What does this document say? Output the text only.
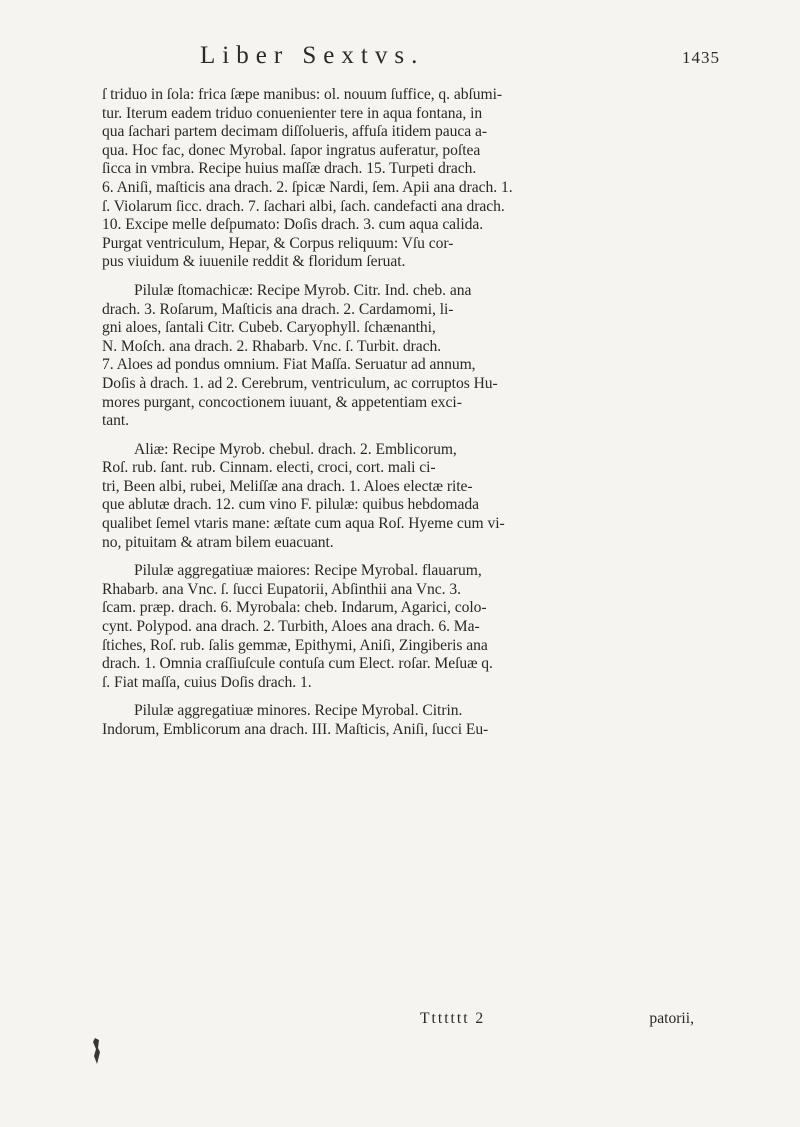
Liber Sextvs.	1435
ſ triduo in ſola: frica ſæpe manibus: ol. nouum ſuffice, q. abſumi-
tur. Iterum eadem triduo conuenienter tere in aqua fontana, in
qua ſachari partem decimam diſſolueris, affuſa itidem pauca a-
qua. Hoc fac, donec Myrobal. ſapor ingratus auferatur, poſtea
ſicca in vmbra. Recipe huius maſſæ drach. 15. Turpeti drach.
6. Aniſi, maſticis ana drach. 2. ſpicæ Nardi, ſem. Apii ana drach. 1.
ſ. Violarum ſicc. drach. 7. ſachari albi, ſach. candefacti ana drach.
10. Excipe melle deſpumato: Doſis drach. 3. cum aqua calida.
Purgat ventriculum, Hepar, & Corpus reliquum: Vſu cor-
pus viuidum & iuuenile reddit & floridum ſeruat.
Pilulæ ſtomachicæ: Recipe Myrob. Citr. Ind. cheb. ana
drach. 3. Roſarum, Maſticis ana drach. 2. Cardamomi, li-
gni aloes, ſantali Citr. Cubeb. Caryophyll. ſchænanthi,
N. Moſch. ana drach. 2. Rhabarb. Vnc. ſ. Turbit. drach.
7. Aloes ad pondus omnium. Fiat Maſſa. Seruatur ad annum,
Doſis à drach. 1. ad 2. Cerebrum, ventriculum, ac corruptos Hu-
mores purgant, concoctionem iuuant, & appetentiam exci-
tant.
Aliæ: Recipe Myrob. chebul. drach. 2. Emblicorum,
Roſ. rub. ſant. rub. Cinnam. electi, croci, cort. mali ci-
tri, Been albi, rubei, Meliſſæ ana drach. 1. Aloes electæ rite-
que ablutæ drach. 12. cum vino F. pilulæ: quibus hebdomada
qualibet ſemel vtaris mane: æſtate cum aqua Roſ. Hyeme cum vi-
no, pituitam & atram bilem euacuant.
Pilulæ aggregatiuæ maiores: Recipe Myrobal. flauarum,
Rhabarb. ana Vnc. ſ. ſucci Eupatorii, Abſinthii ana Vnc. 3.
ſcam. præp. drach. 6. Myrobala: cheb. Indarum, Agarici, colo-
cynt. Polypod. ana drach. 2. Turbith, Aloes ana drach. 6. Ma-
ſtiches, Roſ. rub. ſalis gemmæ, Epithymi, Aniſi, Zingiberis ana
drach. 1. Omnia craſſiuſcule contuſa cum Elect. roſar. Meſuæ q.
ſ. Fiat maſſa, cuius Doſis drach. 1.
Pilulæ aggregatiuæ minores. Recipe Myrobal. Citrin.
Indorum, Emblicorum ana drach. III. Maſticis, Aniſi, ſucci Eu-
Ttttttt 2	patorii,
